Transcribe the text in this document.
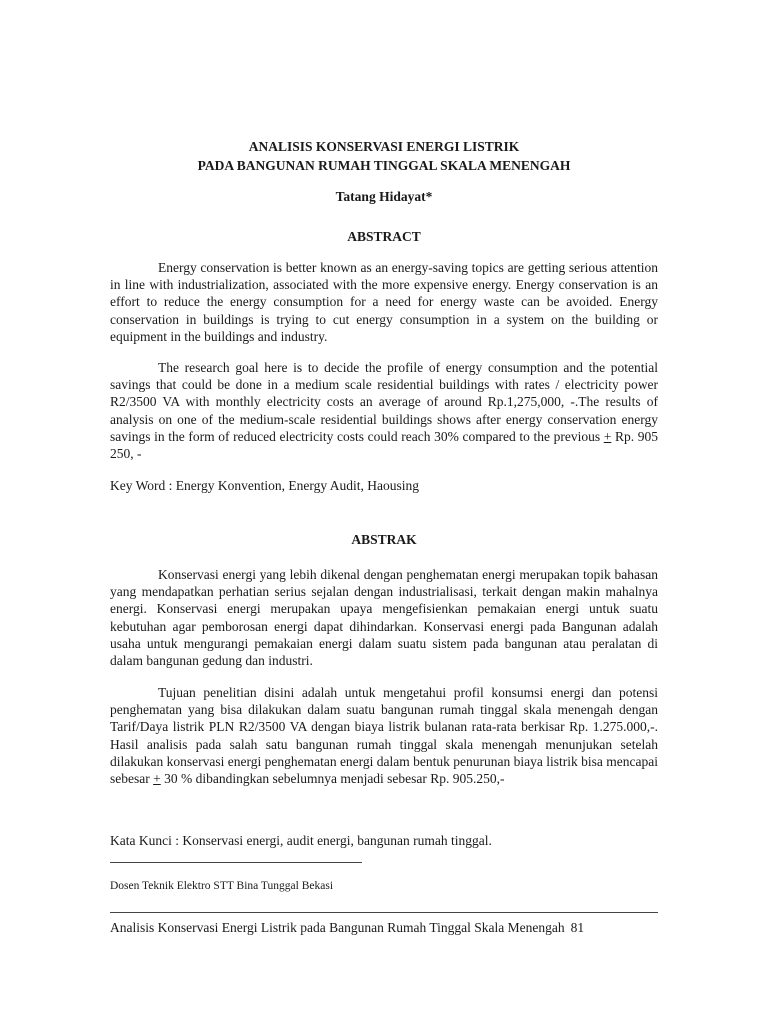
ANALISIS KONSERVASI ENERGI LISTRIK
PADA BANGUNAN RUMAH TINGGAL SKALA MENENGAH
Tatang Hidayat*
ABSTRACT

Energy conservation is better known as an energy-saving topics are getting serious attention in line with industrialization, associated with the more expensive energy. Energy conservation is an effort to reduce the energy consumption for a need for energy waste can be avoided. Energy conservation in buildings is trying to cut energy consumption in a system on the building or equipment in the buildings and industry.

The research goal here is to decide the profile of energy consumption and the potential savings that could be done in a medium scale residential buildings with rates / electricity power R2/3500 VA with monthly electricity costs an average of around Rp.1,275,000, -.The results of analysis on one of the medium-scale residential buildings shows after energy conservation energy savings in the form of reduced electricity costs could reach 30% compared to the previous + Rp. 905 250, -

Key Word : Energy Konvention, Energy Audit, Haousing

ABSTRAK

Konservasi energi yang lebih dikenal dengan penghematan energi merupakan topik bahasan yang mendapatkan perhatian serius sejalan dengan industrialisasi, terkait dengan makin mahalnya energi. Konservasi energi merupakan upaya mengefisienkan pemakaian energi untuk suatu kebutuhan agar pemborosan energi dapat dihindarkan. Konservasi energi pada Bangunan adalah usaha untuk mengurangi pemakaian energi dalam suatu sistem pada bangunan atau peralatan di dalam bangunan gedung dan industri.

Tujuan penelitian disini adalah untuk mengetahui profil konsumsi energi dan potensi penghematan yang bisa dilakukan dalam suatu bangunan rumah tinggal skala menengah dengan Tarif/Daya listrik PLN R2/3500 VA dengan biaya listrik bulanan rata-rata berkisar Rp. 1.275.000,-. Hasil analisis pada salah satu bangunan rumah tinggal skala menengah menunjukan setelah dilakukan konservasi energi penghematan energi dalam bentuk penurunan biaya listrik bisa mencapai sebesar + 30 % dibandingkan sebelumnya menjadi sebesar Rp. 905.250,-

Kata Kunci : Konservasi energi, audit energi, bangunan rumah tinggal.

Dosen Teknik Elektro STT Bina Tunggal Bekasi
Analisis Konservasi Energi Listrik pada Bangunan Rumah Tinggal Skala Menengah 81
